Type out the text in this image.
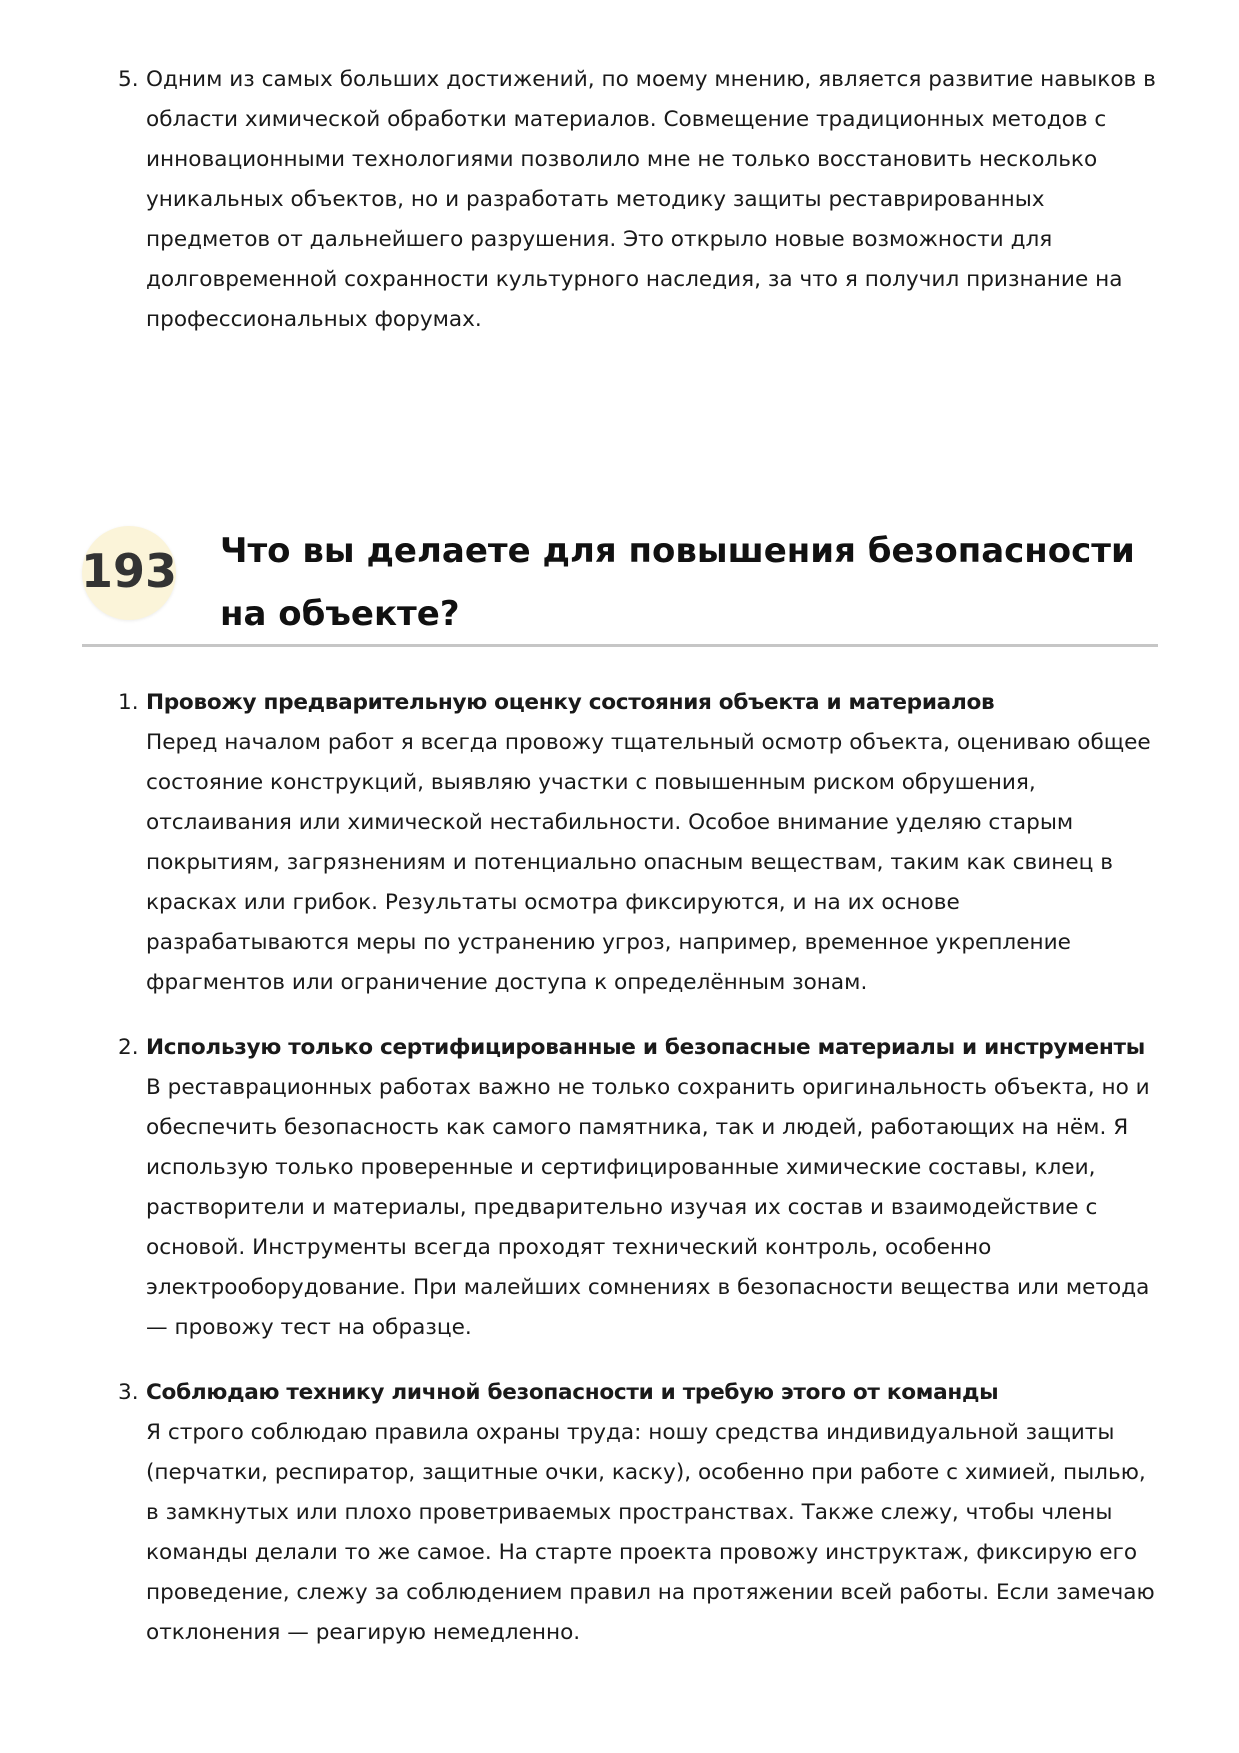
5. Одним из самых больших достижений, по моему мнению, является развитие навыков в области химической обработки материалов. Совмещение традиционных методов с инновационными технологиями позволило мне не только восстановить несколько уникальных объектов, но и разработать методику защиты реставрированных предметов от дальнейшего разрушения. Это открыло новые возможности для долговременной сохранности культурного наследия, за что я получил признание на профессиональных форумах.
193 Что вы делаете для повышения безопасности на объекте?
1. Провожу предварительную оценку состояния объекта и материалов
Перед началом работ я всегда провожу тщательный осмотр объекта, оцениваю общее состояние конструкций, выявляю участки с повышенным риском обрушения, отслаивания или химической нестабильности. Особое внимание уделяю старым покрытиям, загрязнениям и потенциально опасным веществам, таким как свинец в красках или грибок. Результаты осмотра фиксируются, и на их основе разрабатываются меры по устранению угроз, например, временное укрепление фрагментов или ограничение доступа к определённым зонам.
2. Использую только сертифицированные и безопасные материалы и инструменты
В реставрационных работах важно не только сохранить оригинальность объекта, но и обеспечить безопасность как самого памятника, так и людей, работающих на нём. Я использую только проверенные и сертифицированные химические составы, клеи, растворители и материалы, предварительно изучая их состав и взаимодействие с основой. Инструменты всегда проходят технический контроль, особенно электрооборудование. При малейших сомнениях в безопасности вещества или метода — провожу тест на образце.
3. Соблюдаю технику личной безопасности и требую этого от команды
Я строго соблюдаю правила охраны труда: ношу средства индивидуальной защиты (перчатки, респиратор, защитные очки, каску), особенно при работе с химией, пылью, в замкнутых или плохо проветриваемых пространствах. Также слежу, чтобы члены команды делали то же самое. На старте проекта провожу инструктаж, фиксирую его проведение, слежу за соблюдением правил на протяжении всей работы. Если замечаю отклонения — реагирую немедленно.
